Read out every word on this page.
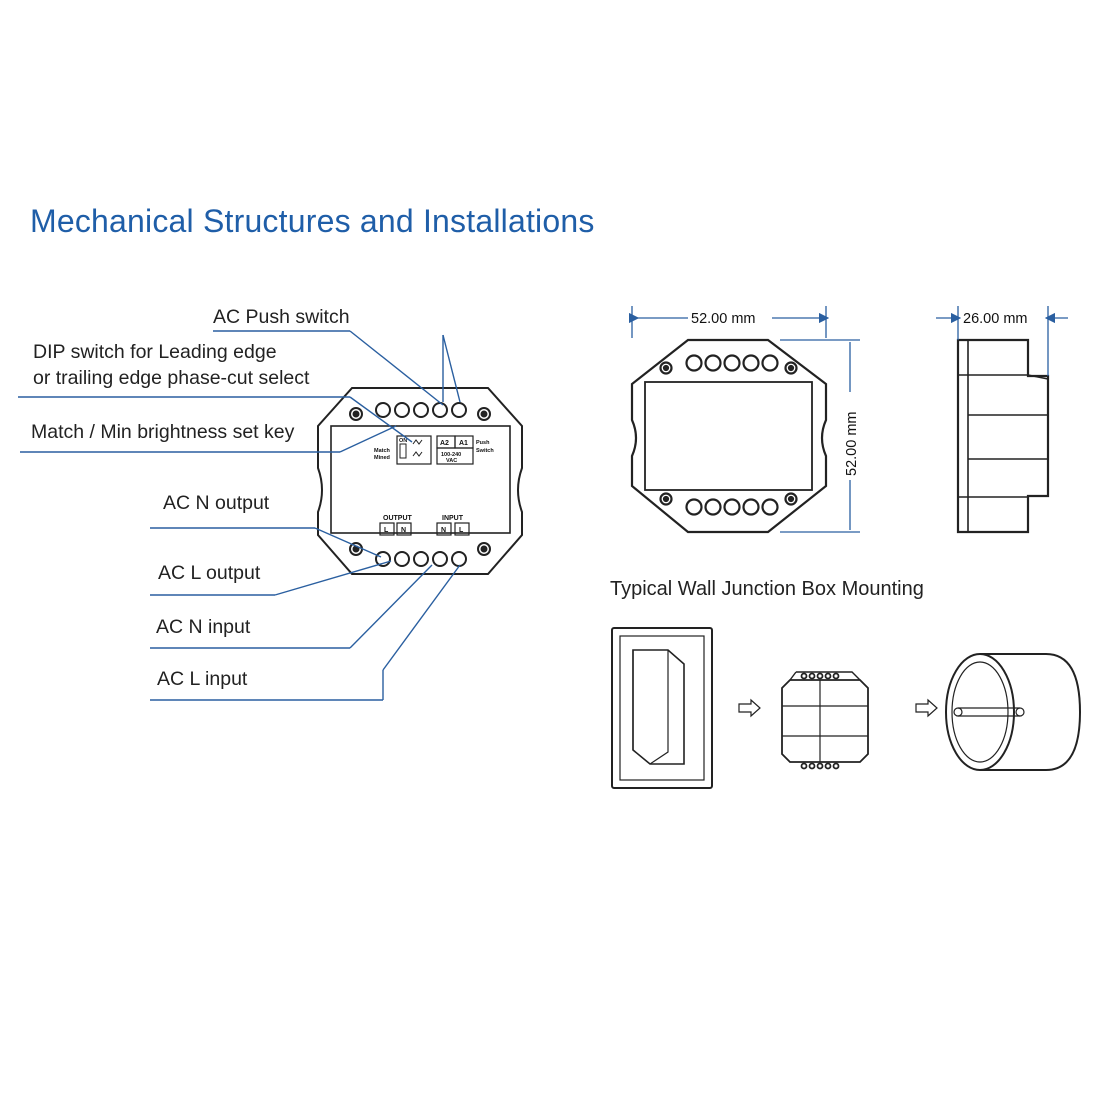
Mechanical Structures and Installations
AC Push switch
DIP switch for Leading edge
or trailing edge phase-cut select
Match / Min brightness set key
AC N output
AC L output
AC N input
AC L input
Typical Wall Junction Box Mounting
A2 A1
100-240
VAC
Push
Switch
ON
Match
Mined
OUTPUT	INPUT
L N	N L
52.00 mm
52.00 mm
26.00 mm
